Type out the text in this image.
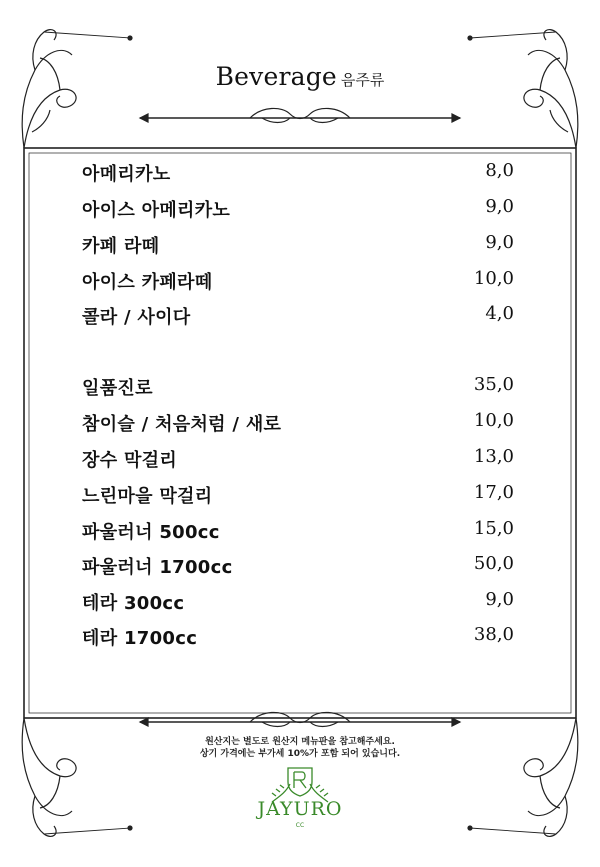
Beverage 음주류
아메리카노	8,0
아이스 아메리카노	9,0
카페 라떼	9,0
아이스 카페라떼	10,0
콜라 / 사이다	4,0
일품진로	35,0
참이슬 / 처음처럼 / 새로	10,0
장수 막걸리	13,0
느린마을 막걸리	17,0
파울러너 500cc	15,0
파울러너 1700cc	50,0
테라 300cc	9,0
테라 1700cc	38,0
원산지는 별도로 원산지 메뉴판을 참고해주세요.
상기 가격에는 부가세 10%가 포함 되어 있습니다.
JAYURO
CC
